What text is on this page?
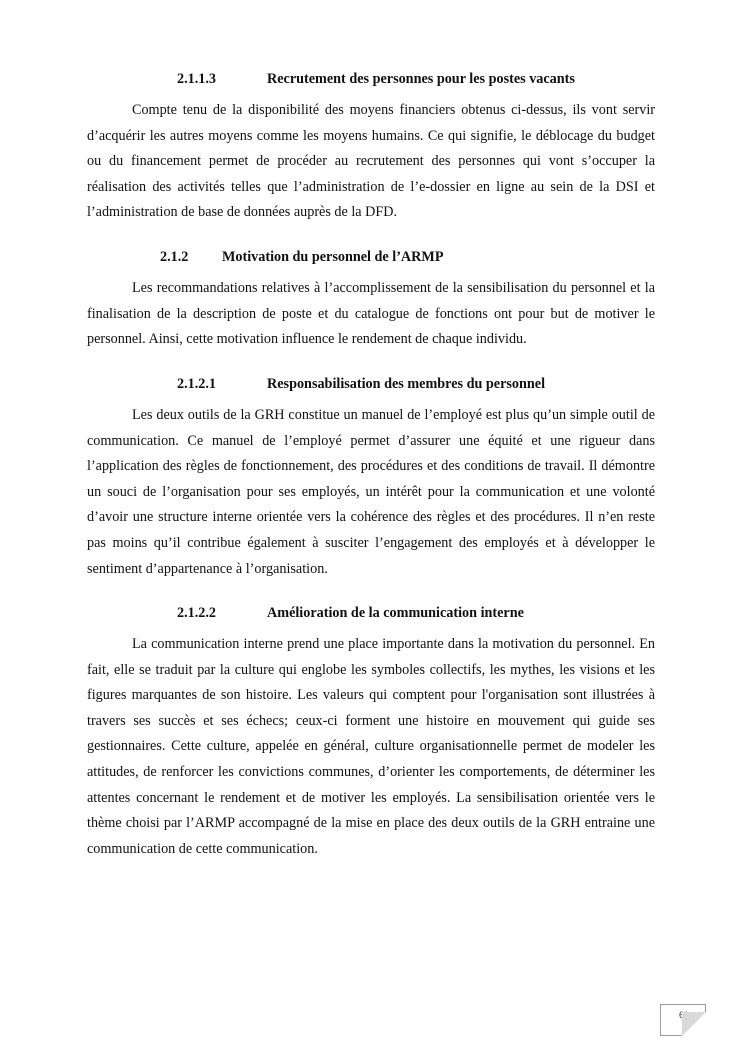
2.1.1.3	Recrutement des personnes pour les postes vacants

Compte tenu de la disponibilité des moyens financiers obtenus ci-dessus, ils vont servir d’acquérir les autres moyens comme les moyens humains. Ce qui signifie, le déblocage du budget ou du financement permet de procéder au recrutement des personnes qui vont s’occuper la réalisation des activités telles que l’administration de l’e-dossier en ligne au sein de la DSI et l’administration de base de données auprès de la DFD.

2.1.2 Motivation du personnel de l’ARMP

Les recommandations relatives à l’accomplissement de la sensibilisation du personnel et la finalisation de la description de poste et du catalogue de fonctions ont pour but de motiver le personnel. Ainsi, cette motivation influence le rendement de chaque individu.

2.1.2.1	Responsabilisation des membres du personnel

Les deux outils de la GRH constitue un manuel de l’employé est plus qu’un simple outil de communication. Ce manuel de l’employé permet d’assurer une équité et une rigueur dans l’application des règles de fonctionnement, des procédures et des conditions de travail. Il démontre un souci de l’organisation pour ses employés, un intérêt pour la communication et une volonté d’avoir une structure interne orientée vers la cohérence des règles et des procédures. Il n’en reste pas moins qu’il contribue également à susciter l’engagement des employés et à développer le sentiment d’appartenance à l’organisation.

2.1.2.2	Amélioration de la communication interne

La communication interne prend une place importante dans la motivation du personnel. En fait, elle se traduit par la culture qui englobe les symboles collectifs, les mythes, les visions et les figures marquantes de son histoire. Les valeurs qui comptent pour l'organisation sont illustrées à travers ses succès et ses échecs; ceux-ci forment une histoire en mouvement qui guide ses gestionnaires. Cette culture, appelée en général, culture organisationnelle permet de modeler les attitudes, de renforcer les convictions communes, d’orienter les comportements, de déterminer les attentes concernant le rendement et de motiver les employés. La sensibilisation orientée vers le thème choisi par l’ARMP accompagné de la mise en place des deux outils de la GRH entraine une communication de cette communication.

61
